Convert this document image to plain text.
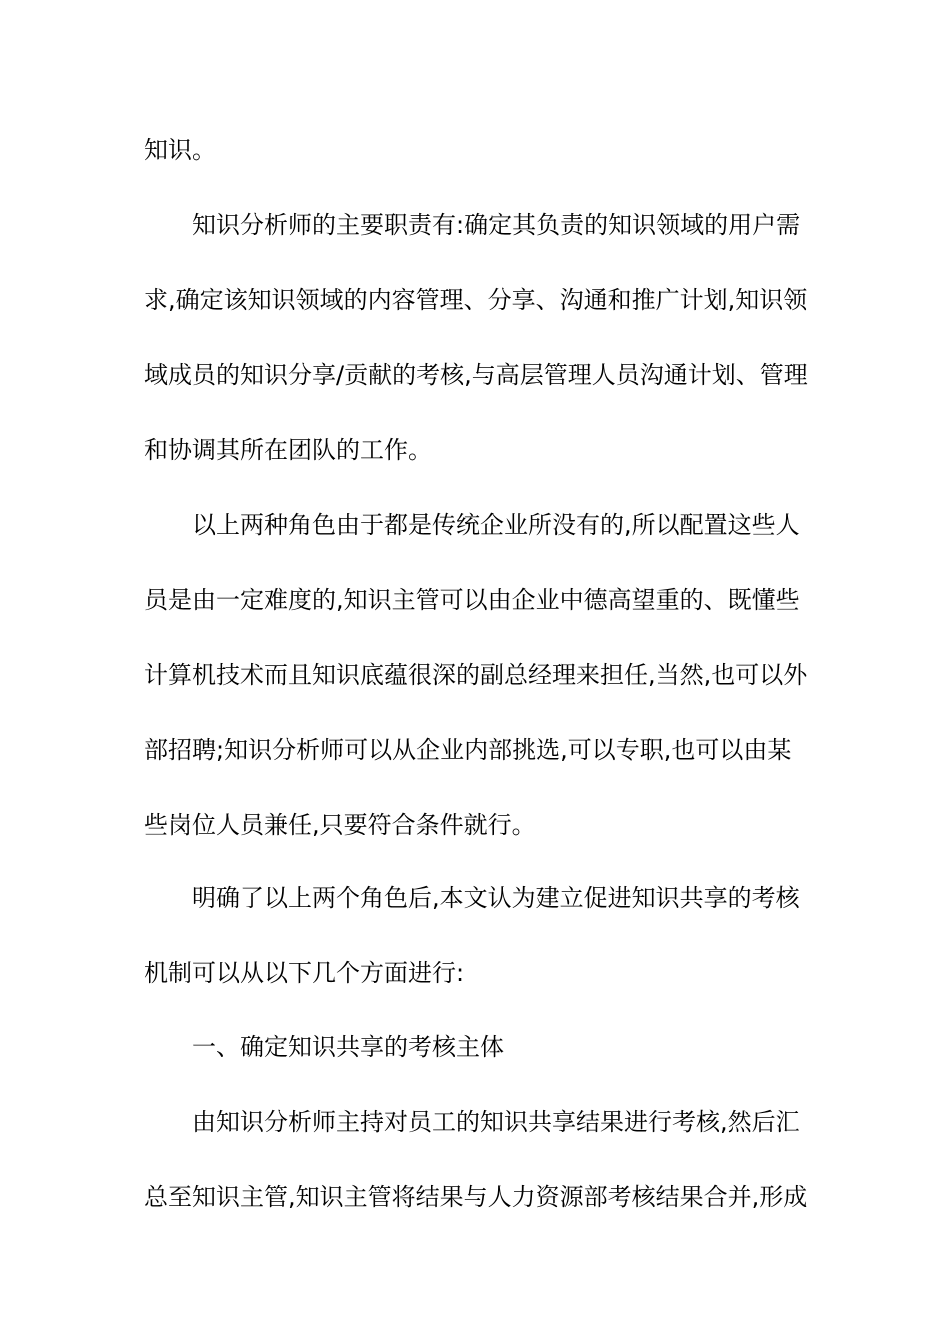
知识。
知识分析师的主要职责有:确定其负责的知识领域的用户需
求,确定该知识领域的内容管理、分享、沟通和推广计划,知识领
域成员的知识分享/贡献的考核,与高层管理人员沟通计划、管理
和协调其所在团队的工作。
以上两种角色由于都是传统企业所没有的,所以配置这些人
员是由一定难度的,知识主管可以由企业中德高望重的、既懂些
计算机技术而且知识底蕴很深的副总经理来担任,当然,也可以外
部招聘;知识分析师可以从企业内部挑选,可以专职,也可以由某
些岗位人员兼任,只要符合条件就行。
明确了以上两个角色后,本文认为建立促进知识共享的考核
机制可以从以下几个方面进行:
一、确定知识共享的考核主体
由知识分析师主持对员工的知识共享结果进行考核,然后汇
总至知识主管,知识主管将结果与人力资源部考核结果合并,形成
